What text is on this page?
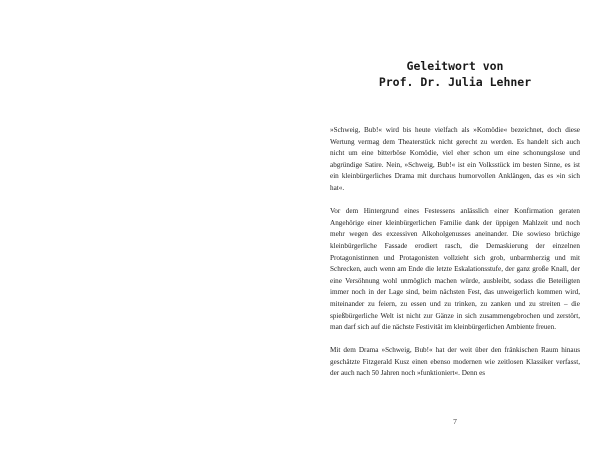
Geleitwort von
Prof. Dr. Julia Lehner

»Schweig, Bub!« wird bis heute vielfach als »Komödie« bezeichnet, doch diese Wertung vermag dem Theaterstück nicht gerecht zu werden. Es handelt sich auch nicht um eine bitterböse Komödie, viel eher schon um eine schonungslose und abgründige Satire. Nein, »Schweig, Bub!« ist ein Volksstück im besten Sinne, es ist ein kleinbürgerliches Drama mit durchaus humorvollen Anklängen, das es »in sich hat«.

Vor dem Hintergrund eines Festessens anlässlich einer Konfirmation geraten Angehörige einer kleinbürgerlichen Familie dank der üppigen Mahlzeit und noch mehr wegen des exzessiven Alkoholgenusses aneinander. Die sowieso brüchige kleinbürgerliche Fassade erodiert rasch, die Demaskierung der einzelnen Protagonistinnen und Protagonisten vollzieht sich grob, unbarmherzig und mit Schrecken, auch wenn am Ende die letzte Eskalationsstufe, der ganz große Knall, der eine Versöhnung wohl unmöglich machen würde, ausbleibt, sodass die Beteiligten immer noch in der Lage sind, beim nächsten Fest, das unweigerlich kommen wird, miteinander zu feiern, zu essen und zu trinken, zu zanken und zu streiten – die spießbürgerliche Welt ist nicht zur Gänze in sich zusammengebrochen und zerstört, man darf sich auf die nächste Festivität im kleinbürgerlichen Ambiente freuen.

Mit dem Drama »Schweig, Bub!« hat der weit über den fränkischen Raum hinaus geschätzte Fitzgerald Kusz einen ebenso modernen wie zeitlosen Klassiker verfasst, der auch nach 50 Jahren noch »funktioniert«. Denn es

7
